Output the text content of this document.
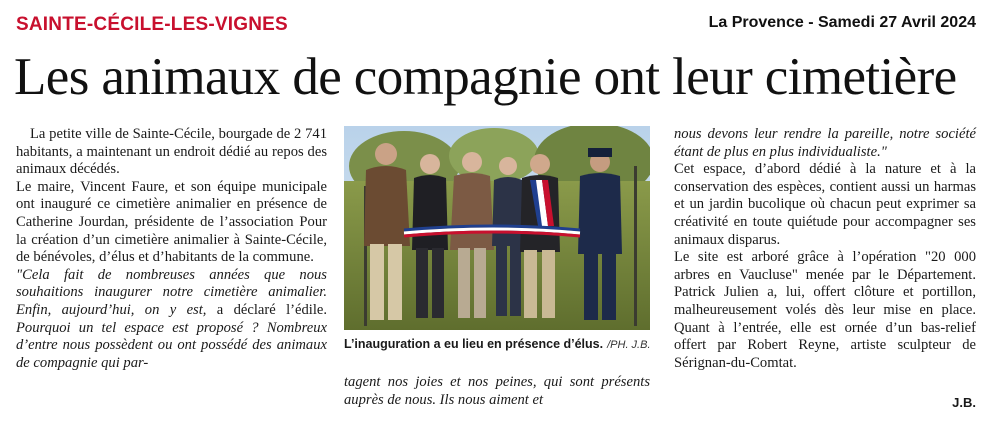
SAINTE-CÉCILE-LES-VIGNES	La Provence - Samedi 27 Avril 2024
Les animaux de compagnie ont leur cimetière

La petite ville de Sainte-Cécile, bourgade de 2 741 habitants, a maintenant un endroit dédié au repos des animaux décédés.

Le maire, Vincent Faure, et son équipe municipale ont inauguré ce cimetière animalier en présence de Catherine Jourdan, présidente de l’association Pour la création d’un cimetière animalier à Sainte-Cécile, de bénévoles, d’élus et d’habitants de la commune.

"Cela fait de nombreuses années que nous souhaitions inaugurer notre cimetière animalier. Enfin, aujourd’hui, on y est, a déclaré l’édile. Pourquoi un tel espace est proposé ? Nombreux d’entre nous possèdent ou ont possédé des animaux de compagnie qui par-

L’inauguration a eu lieu en présence d’élus. /PH. J.B.

tagent nos joies et nos peines, qui sont présents auprès de nous. Ils nous aiment et

nous devons leur rendre la pareille, notre société étant de plus en plus individualiste."

Cet espace, d’abord dédié à la nature et à la conservation des espèces, contient aussi un harmas et un jardin bucolique où chacun peut exprimer sa créativité en toute quiétude pour accompagner ses animaux disparus.

Le site est arboré grâce à l’opération "20 000 arbres en Vaucluse" menée par le Département. Patrick Julien a, lui, offert clôture et portillon, malheureusement volés dès leur mise en place. Quant à l’entrée, elle est ornée d’un bas-relief offert par Robert Reyne, artiste sculpteur de Sérignan-du-Comtat.

J.B.
